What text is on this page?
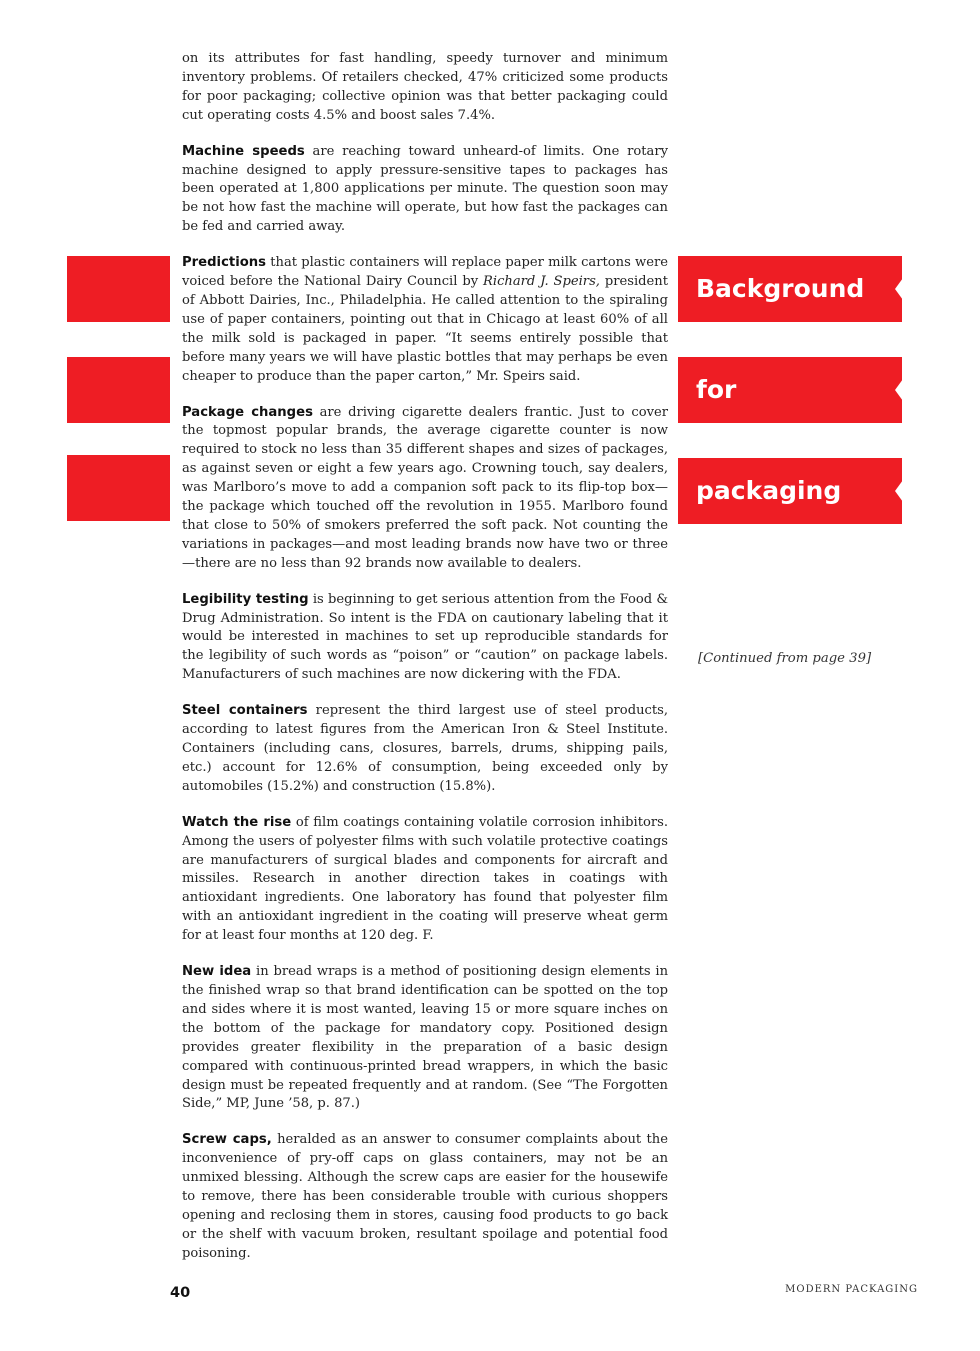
Background
for
packaging
[Continued from page 39]

on its attributes for fast handling, speedy turnover and minimum inventory problems. Of retailers checked, 47% criticized some products for poor packaging; collective opinion was that better packaging could cut operating costs 4.5% and boost sales 7.4%.

Machine speeds are reaching toward unheard-of limits. One rotary machine designed to apply pressure-sensitive tapes to packages has been operated at 1,800 applications per minute. The question soon may be not how fast the machine will operate, but how fast the packages can be fed and carried away.

Predictions that plastic containers will replace paper milk cartons were voiced before the National Dairy Council by Richard J. Speirs, president of Abbott Dairies, Inc., Philadelphia. He called attention to the spiraling use of paper containers, pointing out that in Chicago at least 60% of all the milk sold is packaged in paper. “It seems entirely possible that before many years we will have plastic bottles that may perhaps be even cheaper to produce than the paper carton,” Mr. Speirs said.

Package changes are driving cigarette dealers frantic. Just to cover the topmost popular brands, the average cigarette counter is now required to stock no less than 35 different shapes and sizes of packages, as against seven or eight a few years ago. Crowning touch, say dealers, was Marlboro’s move to add a companion soft pack to its flip-top box—the package which touched off the revolution in 1955. Marlboro found that close to 50% of smokers preferred the soft pack. Not counting the variations in packages—and most leading brands now have two or three—there are no less than 92 brands now available to dealers.

Legibility testing is beginning to get serious attention from the Food & Drug Administration. So intent is the FDA on cautionary labeling that it would be interested in machines to set up reproducible standards for the legibility of such words as “poison” or “caution” on package labels. Manufacturers of such machines are now dickering with the FDA.

Steel containers represent the third largest use of steel products, according to latest figures from the American Iron & Steel Institute. Containers (including cans, closures, barrels, drums, shipping pails, etc.) account for 12.6% of consumption, being exceeded only by automobiles (15.2%) and construction (15.8%).

Watch the rise of film coatings containing volatile corrosion inhibitors. Among the users of polyester films with such volatile protective coatings are manufacturers of surgical blades and components for aircraft and missiles. Research in another direction takes in coatings with antioxidant ingredients. One laboratory has found that polyester film with an antioxidant ingredient in the coating will preserve wheat germ for at least four months at 120 deg. F.

New idea in bread wraps is a method of positioning design elements in the finished wrap so that brand identification can be spotted on the top and sides where it is most wanted, leaving 15 or more square inches on the bottom of the package for mandatory copy. Positioned design provides greater flexibility in the preparation of a basic design compared with continuous-printed bread wrappers, in which the basic design must be repeated frequently and at random. (See “The Forgotten Side,” MP, June ’58, p. 87.)

Screw caps, heralded as an answer to consumer complaints about the inconvenience of pry-off caps on glass containers, may not be an unmixed blessing. Although the screw caps are easier for the housewife to remove, there has been considerable trouble with curious shoppers opening and reclosing them in stores, causing food products to go back or the shelf with vacuum broken, resultant spoilage and potential food poisoning.

40	MODERN PACKAGING
